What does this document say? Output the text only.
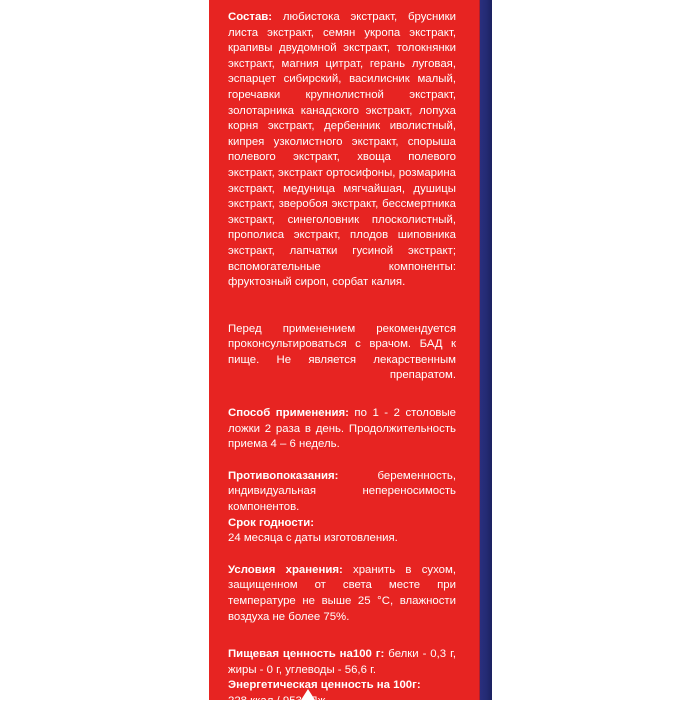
Состав: любистока экстракт, брусники листа экстракт, семян укропа экстракт, крапивы двудомной экстракт, толокнянки экстракт, магния цитрат, герань луговая, эспарцет сибирский, василисник малый, горечавки крупнолистной экстракт, золотарника канадского экстракт, лопуха корня экстракт, дербенник иволистный, кипрея узколистного экстракт, спорыша полевого экстракт, хвоща полевого экстракт, экстракт ортосифоны, розмарина экстракт, медуница мягчайшая, душицы экстракт, зверобоя экстракт, бессмертника экстракт, синеголовник плосколистный, прополиса экстракт, плодов шиповника экстракт, лапчатки гусиной экстракт; вспомогательные компоненты: фруктозный сироп, сорбат калия.

Перед применением рекомендуется проконсультироваться с врачом. БАД к пище. Не является лекарственным препаратом.

Способ применения: по 1 - 2 столовые ложки 2 раза в день. Продолжительность приема 4 – 6 недель.

Противопоказания:	беременность, индивидуальная непереносимость компонентов.

Срок годности:
24 месяца с даты изготовления.

Условия хранения: хранить в сухом, защищенном от света месте при температуре не выше 25 °С, влажности воздуха не более 75%.

Пищевая ценность на100 г: белки - 0,3 г, жиры - 0 г, углеводы - 56,6 г.

Энергетическая ценность на 100г:
228 ккал / 953 кДж.
